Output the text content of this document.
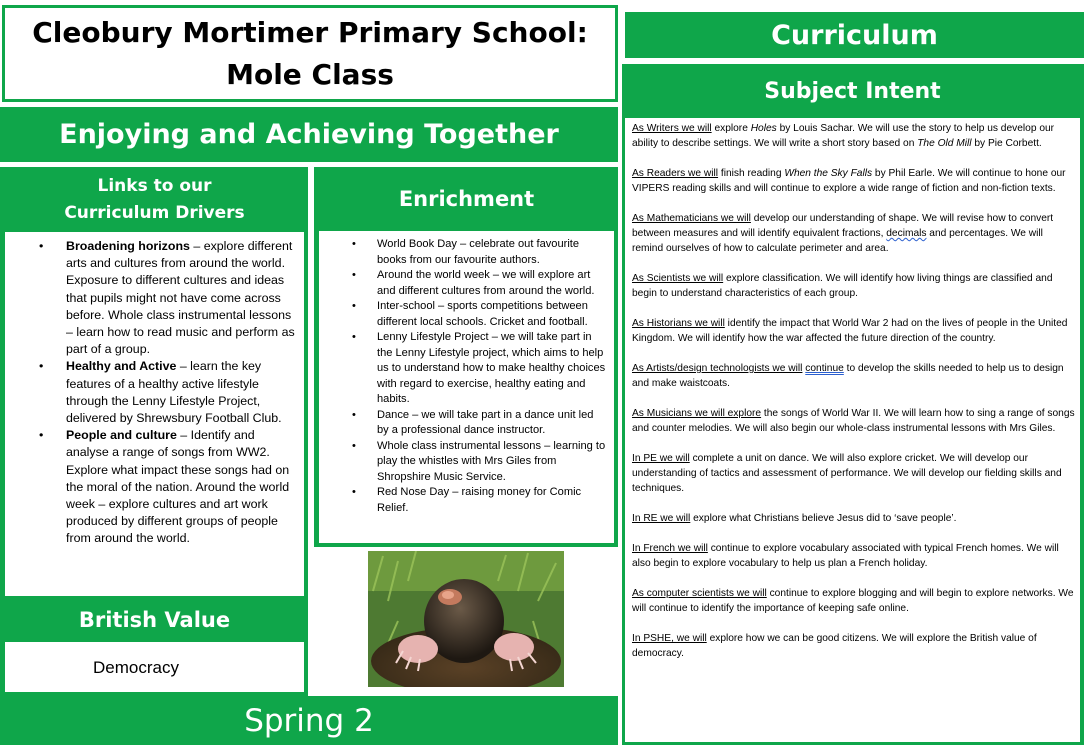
Cleobury Mortimer Primary School:
Mole Class
Enjoying and Achieving Together
Links to our
Curriculum Drivers
• Broadening horizons – explore different arts and cultures from around the world. Exposure to different cultures and ideas that pupils might not have come across before. Whole class instrumental lessons – learn how to read music and perform as part of a group.
• Healthy and Active – learn the key features of a healthy active lifestyle through the Lenny Lifestyle Project, delivered by Shrewsbury Football Club.
• People and culture – Identify and analyse a range of songs from WW2. Explore what impact these songs had on the moral of the nation. Around the world week – explore cultures and art work produced by different groups of people from around the world.
British Value
Democracy
Enrichment
• World Book Day – celebrate out favourite books from our favourite authors.
• Around the world week – we will explore art and different cultures from around the world.
• Inter-school – sports competitions between different local schools. Cricket and football.
• Lenny Lifestyle Project – we will take part in the Lenny Lifestyle project, which aims to help us to understand how to make healthy choices with regard to exercise, healthy eating and habits.
• Dance – we will take part in a dance unit led by a professional dance instructor.
• Whole class instrumental lessons – learning to play the whistles with Mrs Giles from Shropshire Music Service.
• Red Nose Day – raising money for Comic Relief.
Spring 2
Curriculum
Subject Intent

As Writers we will explore Holes by Louis Sachar. We will use the story to help us develop our ability to describe settings. We will write a short story based on The Old Mill by Pie Corbett.

As Readers we will finish reading When the Sky Falls by Phil Earle. We will continue to hone our VIPERS reading skills and will continue to explore a wide range of fiction and non-fiction texts.

As Mathematicians we will develop our understanding of shape. We will revise how to convert between measures and will identify equivalent fractions, decimals and percentages. We will remind ourselves of how to calculate perimeter and area.

As Scientists we will explore classification. We will identify how living things are classified and begin to understand characteristics of each group.

As Historians we will identify the impact that World War 2 had on the lives of people in the United Kingdom. We will identify how the war affected the future direction of the country.

As Artists/design technologists we will continue to develop the skills needed to help us to design and make waistcoats.

As Musicians we will explore the songs of World War II. We will learn how to sing a range of songs and counter melodies. We will also begin our whole-class instrumental lessons with Mrs Giles.

In PE we will complete a unit on dance. We will also explore cricket. We will develop our understanding of tactics and assessment of performance. We will develop our fielding skills and techniques.

In RE we will explore what Christians believe Jesus did to ‘save people’.

In French we will continue to explore vocabulary associated with typical French homes. We will also begin to explore vocabulary to help us plan a French holiday.

As computer scientists we will continue to explore blogging and will begin to explore networks. We will continue to identify the importance of keeping safe online.

In PSHE, we will explore how we can be good citizens. We will explore the British value of democracy.
